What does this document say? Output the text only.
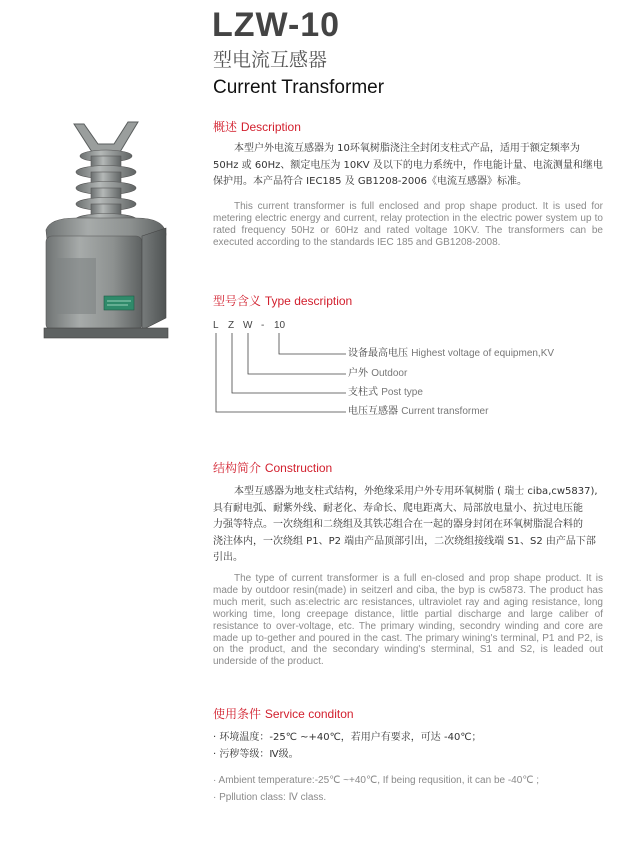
LZW-10
型电流互感器
Current Transformer
概述 Description
本型户外电流互感器为 10环氧树脂浇注全封闭支柱式产品，适用于额定频率为
50Hz 或 60Hz、额定电压为 10KV 及以下的电力系统中，作电能计量、电流测量和继电
保护用。本产品符合 IEC185 及 GB1208-2006《电流互感器》标准。

This current transformer is full enclosed and prop shape product. It is used for metering electric energy and current, relay protection in the electric power system up to rated frequency 50Hz or 60Hz and rated voltage 10KV. The transformers can be executed according to the standards IEC 185 and GB1208-2008.

型号含义 Type description
L Z W - 10
设备最高电压 Highest voltage of equipmen,KV
户外 Outdoor
支柱式 Post type
电压互感器 Current transformer
结构简介 Construction
本型互感器为地支柱式结构，外绝缘采用户外专用环氧树脂 ( 瑞士 ciba,cw5837),
具有耐电弧、耐紫外线、耐老化、寿命长、爬电距离大、局部放电量小、抗过电压能
力强等特点。一次绕组和二绕组及其铁芯组合在一起的器身封闭在环氧树脂混合料的
浇注体内，一次绕组 P1、P2 端由产品顶部引出，二次绕组接线端 S1、S2 由产品下部
引出。

The type of current transformer is a full en-closed and prop shape product. It is made by outdoor resin(made) in seitzerl and ciba, the byp is cw5873. The product has much merit, such as:electric arc resistances, ultraviolet ray and aging resistance, long working time, long creepage distance, little partial discharge and large caliber of resistance to over-voltage, etc. The primary winding, secondry winding and core are made up to-gether and poured in the cast. The primary wining's terminal, P1 and P2, is on the product, and the secondary winding's sterminal, S1 and S2, is leaded out underside of the product.

使用条件 Service conditon
· 环境温度：-25℃ ~+40℃，若用户有要求，可达 -40℃；
· 污秽等级：Ⅳ级。
· Ambient temperature:-25℃ ~+40℃, If being requsition, it can be -40℃ ;
· Ppllution class: Ⅳ class.
